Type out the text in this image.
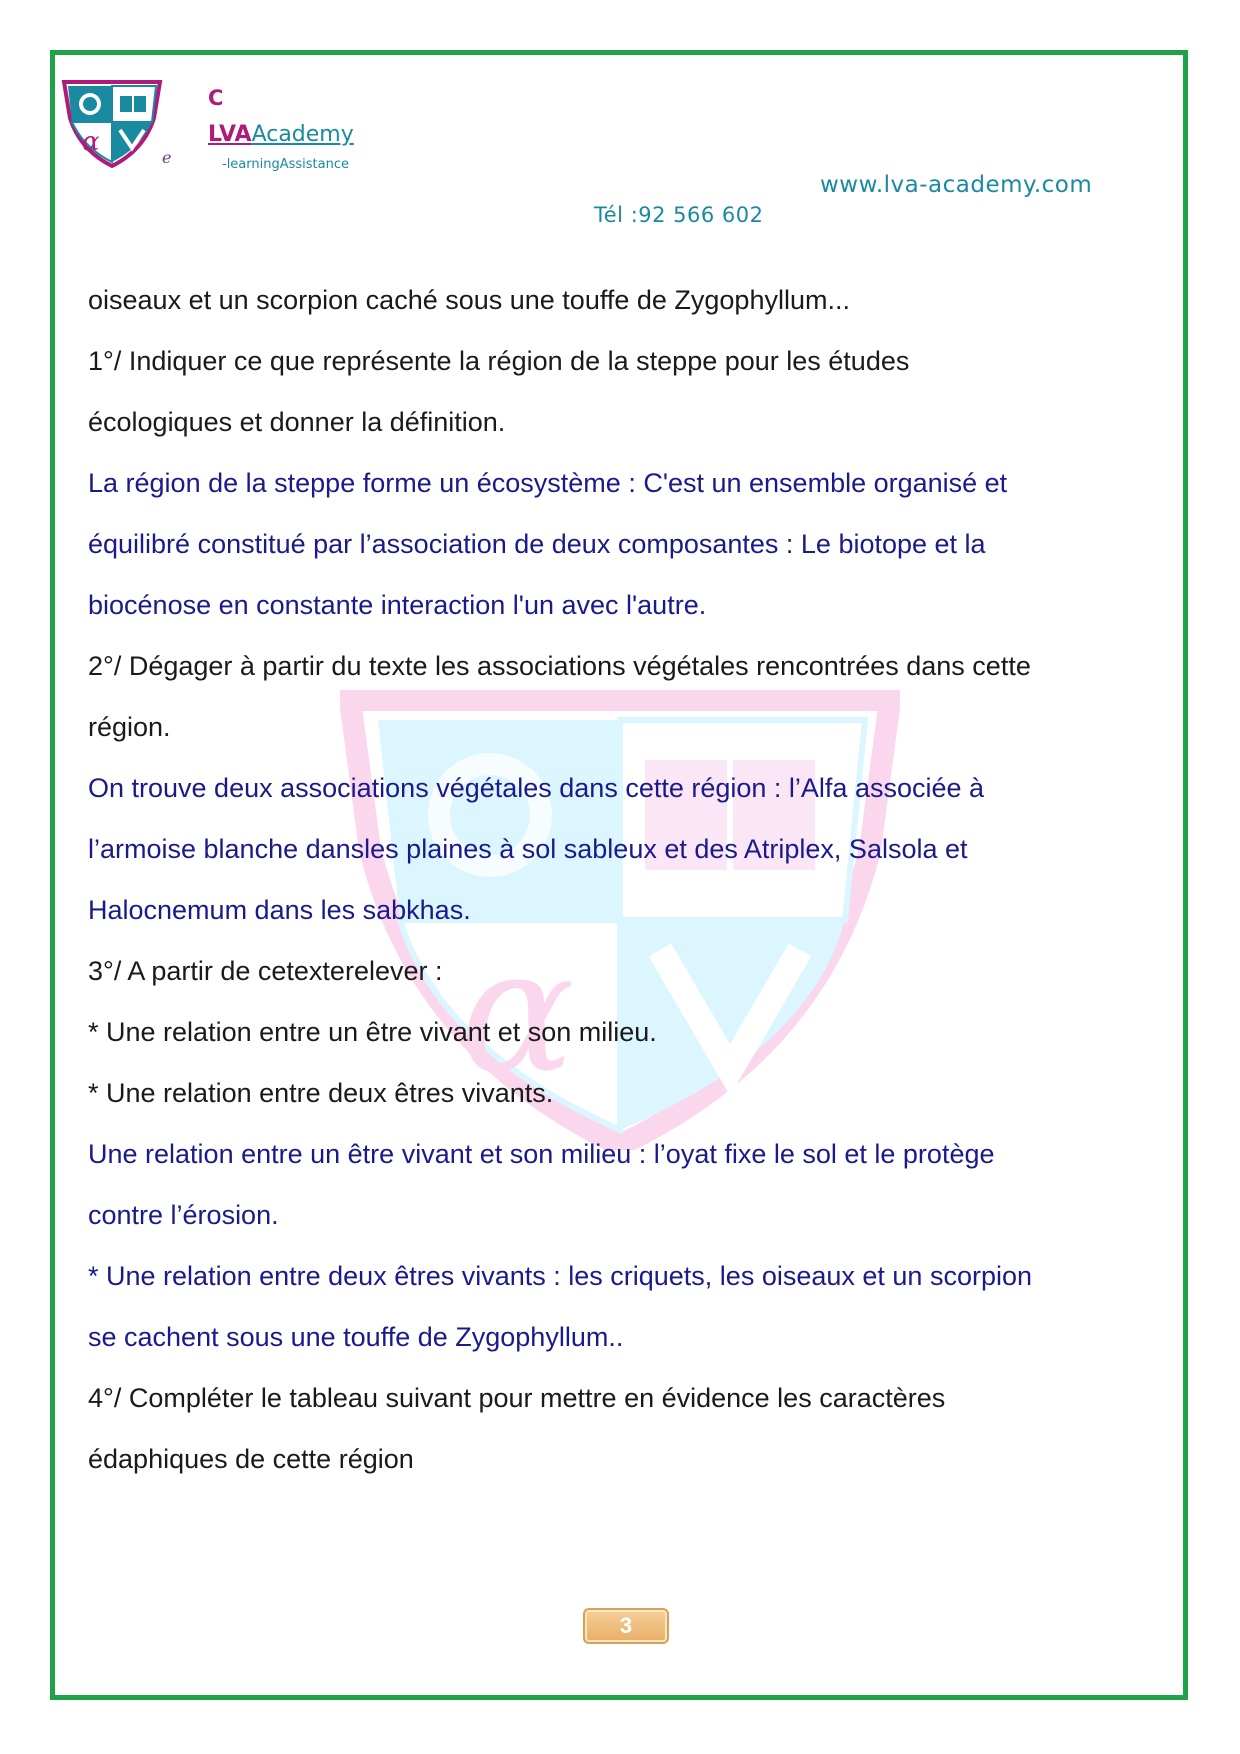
α
e
C
LVAAcademy
-learningAssistance
www.lva-academy.com
Tél :92 566 602
α

oiseaux et un scorpion caché sous une touffe de Zygophyllum...

1°/ Indiquer ce que représente la région de la steppe pour les études

écologiques et donner la définition.

La région de la steppe forme un écosystème : C'est un ensemble organisé et

équilibré constitué par l’association de deux composantes : Le biotope et la

biocénose en constante interaction l'un avec l'autre.

2°/ Dégager à partir du texte les associations végétales rencontrées dans cette

région.

On trouve deux associations végétales dans cette région : l’Alfa associée à

l’armoise blanche dansles plaines à sol sableux et des Atriplex, Salsola et

Halocnemum dans les sabkhas.

3°/ A partir de cetexterelever :

* Une relation entre un être vivant et son milieu.

* Une relation entre deux êtres vivants.

Une relation entre un être vivant et son milieu : l’oyat fixe le sol et le protège

contre l’érosion.

* Une relation entre deux êtres vivants : les criquets, les oiseaux et un scorpion

se cachent sous une touffe de Zygophyllum..

4°/ Compléter le tableau suivant pour mettre en évidence les caractères

édaphiques de cette région

3
